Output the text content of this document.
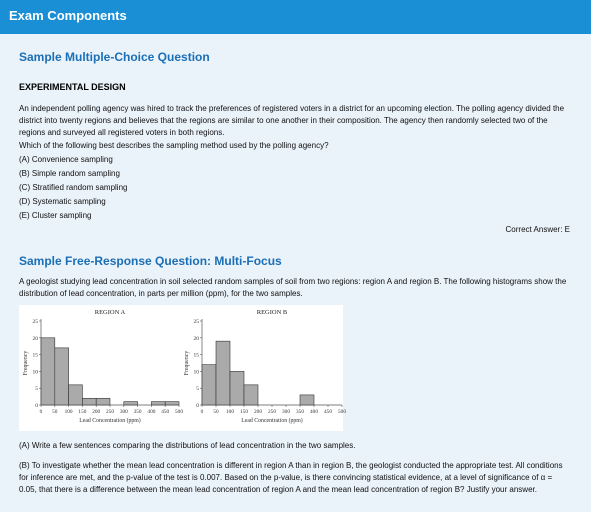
Exam Components
Sample Multiple-Choice Question
EXPERIMENTAL DESIGN
An independent polling agency was hired to track the preferences of registered voters in a district for an upcoming election. The polling agency divided the district into twenty regions and believes that the regions are similar to one another in their composition. The agency then randomly selected two of the regions and surveyed all registered voters in both regions.
Which of the following best describes the sampling method used by the polling agency?
(A) Convenience sampling
(B) Simple random sampling
(C) Stratified random sampling
(D) Systematic sampling
(E) Cluster sampling
Correct Answer: E
Sample Free-Response Question: Multi-Focus
A geologist studying lead concentration in soil selected random samples of soil from two regions: region A and region B. The following histograms show the distribution of lead concentration, in parts per million (ppm), for the two samples.
REGION A
0
5
10
15
20
25
0 50 100 150 200 250 300 350 400 450 500
Lead Concentration (ppm)
Frequency
REGION B
0
5
10
15
20
25
0 50 100 150 200 250 300 350 400 450 500
Lead Concentration (ppm)
Frequency
(A) Write a few sentences comparing the distributions of lead concentration in the two samples.
(B) To investigate whether the mean lead concentration is different in region A than in region B, the geologist conducted the appropriate test. All conditions for inference are met, and the p-value of the test is 0.007. Based on the p-value, is there convincing statistical evidence, at a level of significance of α = 0.05, that there is a difference between the mean lead concentration of region A and the mean lead concentration of region B? Justify your answer.
